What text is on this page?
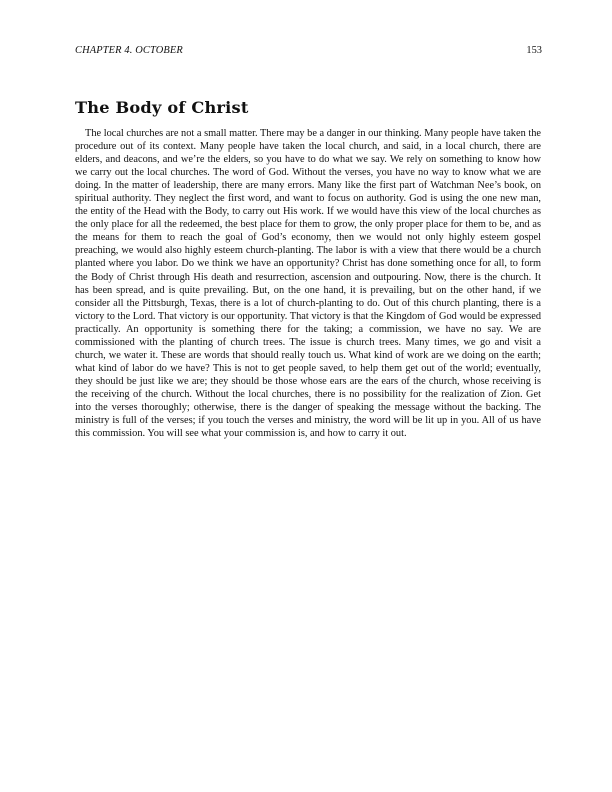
CHAPTER 4. OCTOBER	153
The Body of Christ

The local churches are not a small matter. There may be a danger in our thinking. Many people have taken the procedure out of its context. Many people have taken the local church, and said, in a local church, there are elders, and deacons, and we’re the elders, so you have to do what we say. We rely on something to know how we carry out the local churches. The word of God. Without the verses, you have no way to know what we are doing. In the matter of leadership, there are many errors. Many like the first part of Watchman Nee’s book, on spiritual authority. They neglect the first word, and want to focus on authority. God is using the one new man, the entity of the Head with the Body, to carry out His work. If we would have this view of the local churches as the only place for all the redeemed, the best place for them to grow, the only proper place for them to be, and as the means for them to reach the goal of God’s economy, then we would not only highly esteem gospel preaching, we would also highly esteem church-planting. The labor is with a view that there would be a church planted where you labor. Do we think we have an opportunity? Christ has done something once for all, to form the Body of Christ through His death and resurrection, ascension and outpouring. Now, there is the church. It has been spread, and is quite prevailing. But, on the one hand, it is prevailing, but on the other hand, if we consider all the Pittsburgh, Texas, there is a lot of church-planting to do. Out of this church planting, there is a victory to the Lord. That victory is our opportunity. That victory is that the Kingdom of God would be expressed practically. An opportunity is something there for the taking; a commission, we have no say. We are commissioned with the planting of church trees. The issue is church trees. Many times, we go and visit a church, we water it. These are words that should really touch us. What kind of work are we doing on the earth; what kind of labor do we have? This is not to get people saved, to help them get out of the world; eventually, they should be just like we are; they should be those whose ears are the ears of the church, whose receiving is the receiving of the church. Without the local churches, there is no possibility for the realization of Zion. Get into the verses thoroughly; otherwise, there is the danger of speaking the message without the backing. The ministry is full of the verses; if you touch the verses and ministry, the word will be lit up in you. All of us have this commission. You will see what your commission is, and how to carry it out.
